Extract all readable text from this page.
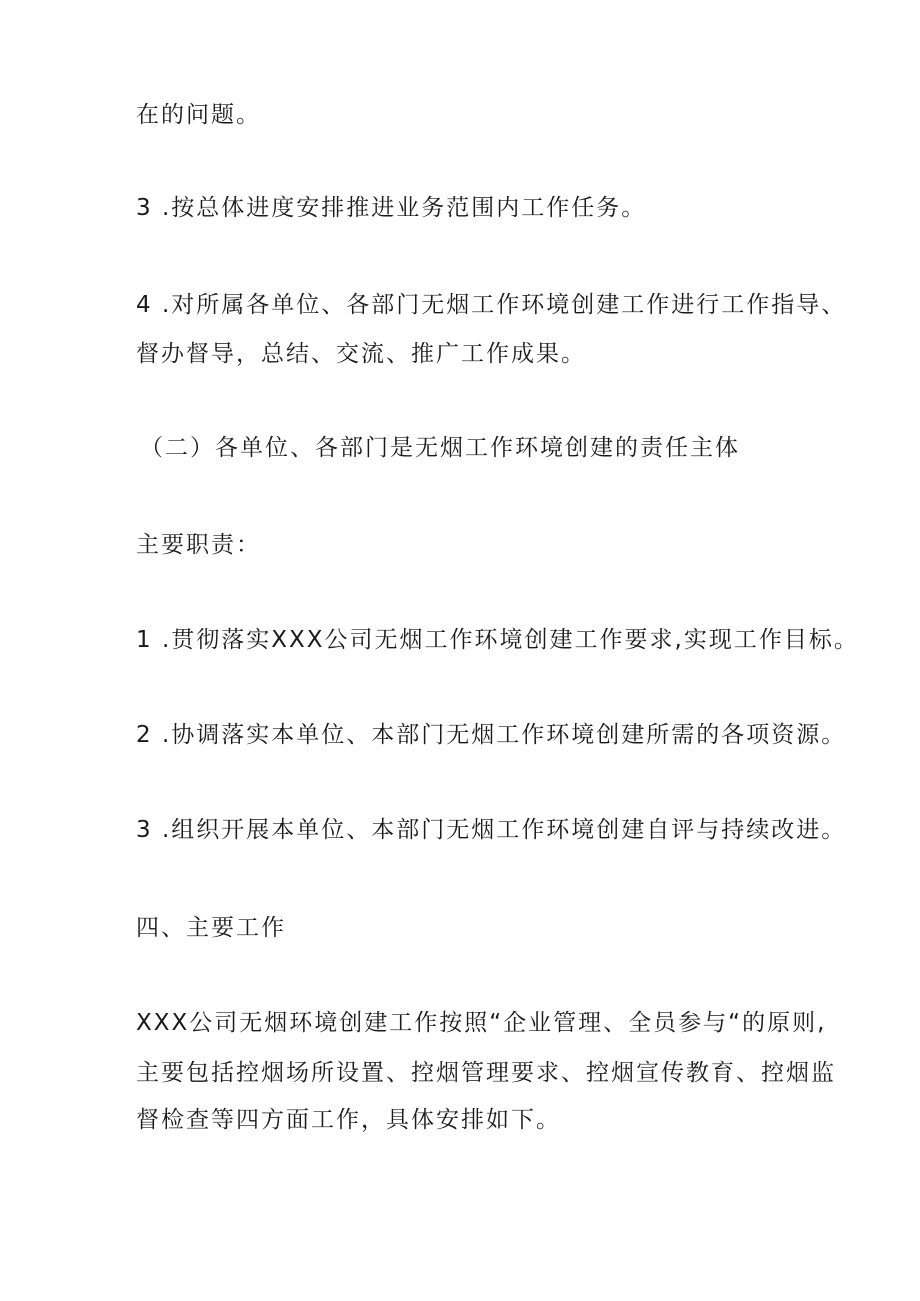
在的问题。
3 .按总体进度安排推进业务范围内工作任务。
4 .对所属各单位、各部门无烟工作环境创建工作进行工作指导、
督办督导，总结、交流、推广工作成果。
（二）各单位、各部门是无烟工作环境创建的责任主体
主要职责：
1 .贯彻落实XXX公司无烟工作环境创建工作要求,实现工作目标。
2 .协调落实本单位、本部门无烟工作环境创建所需的各项资源。
3 .组织开展本单位、本部门无烟工作环境创建自评与持续改进。
四、主要工作
XXX公司无烟环境创建工作按照“企业管理、全员参与“的原则,
主要包括控烟场所设置、控烟管理要求、控烟宣传教育、控烟监
督检查等四方面工作，具体安排如下。
